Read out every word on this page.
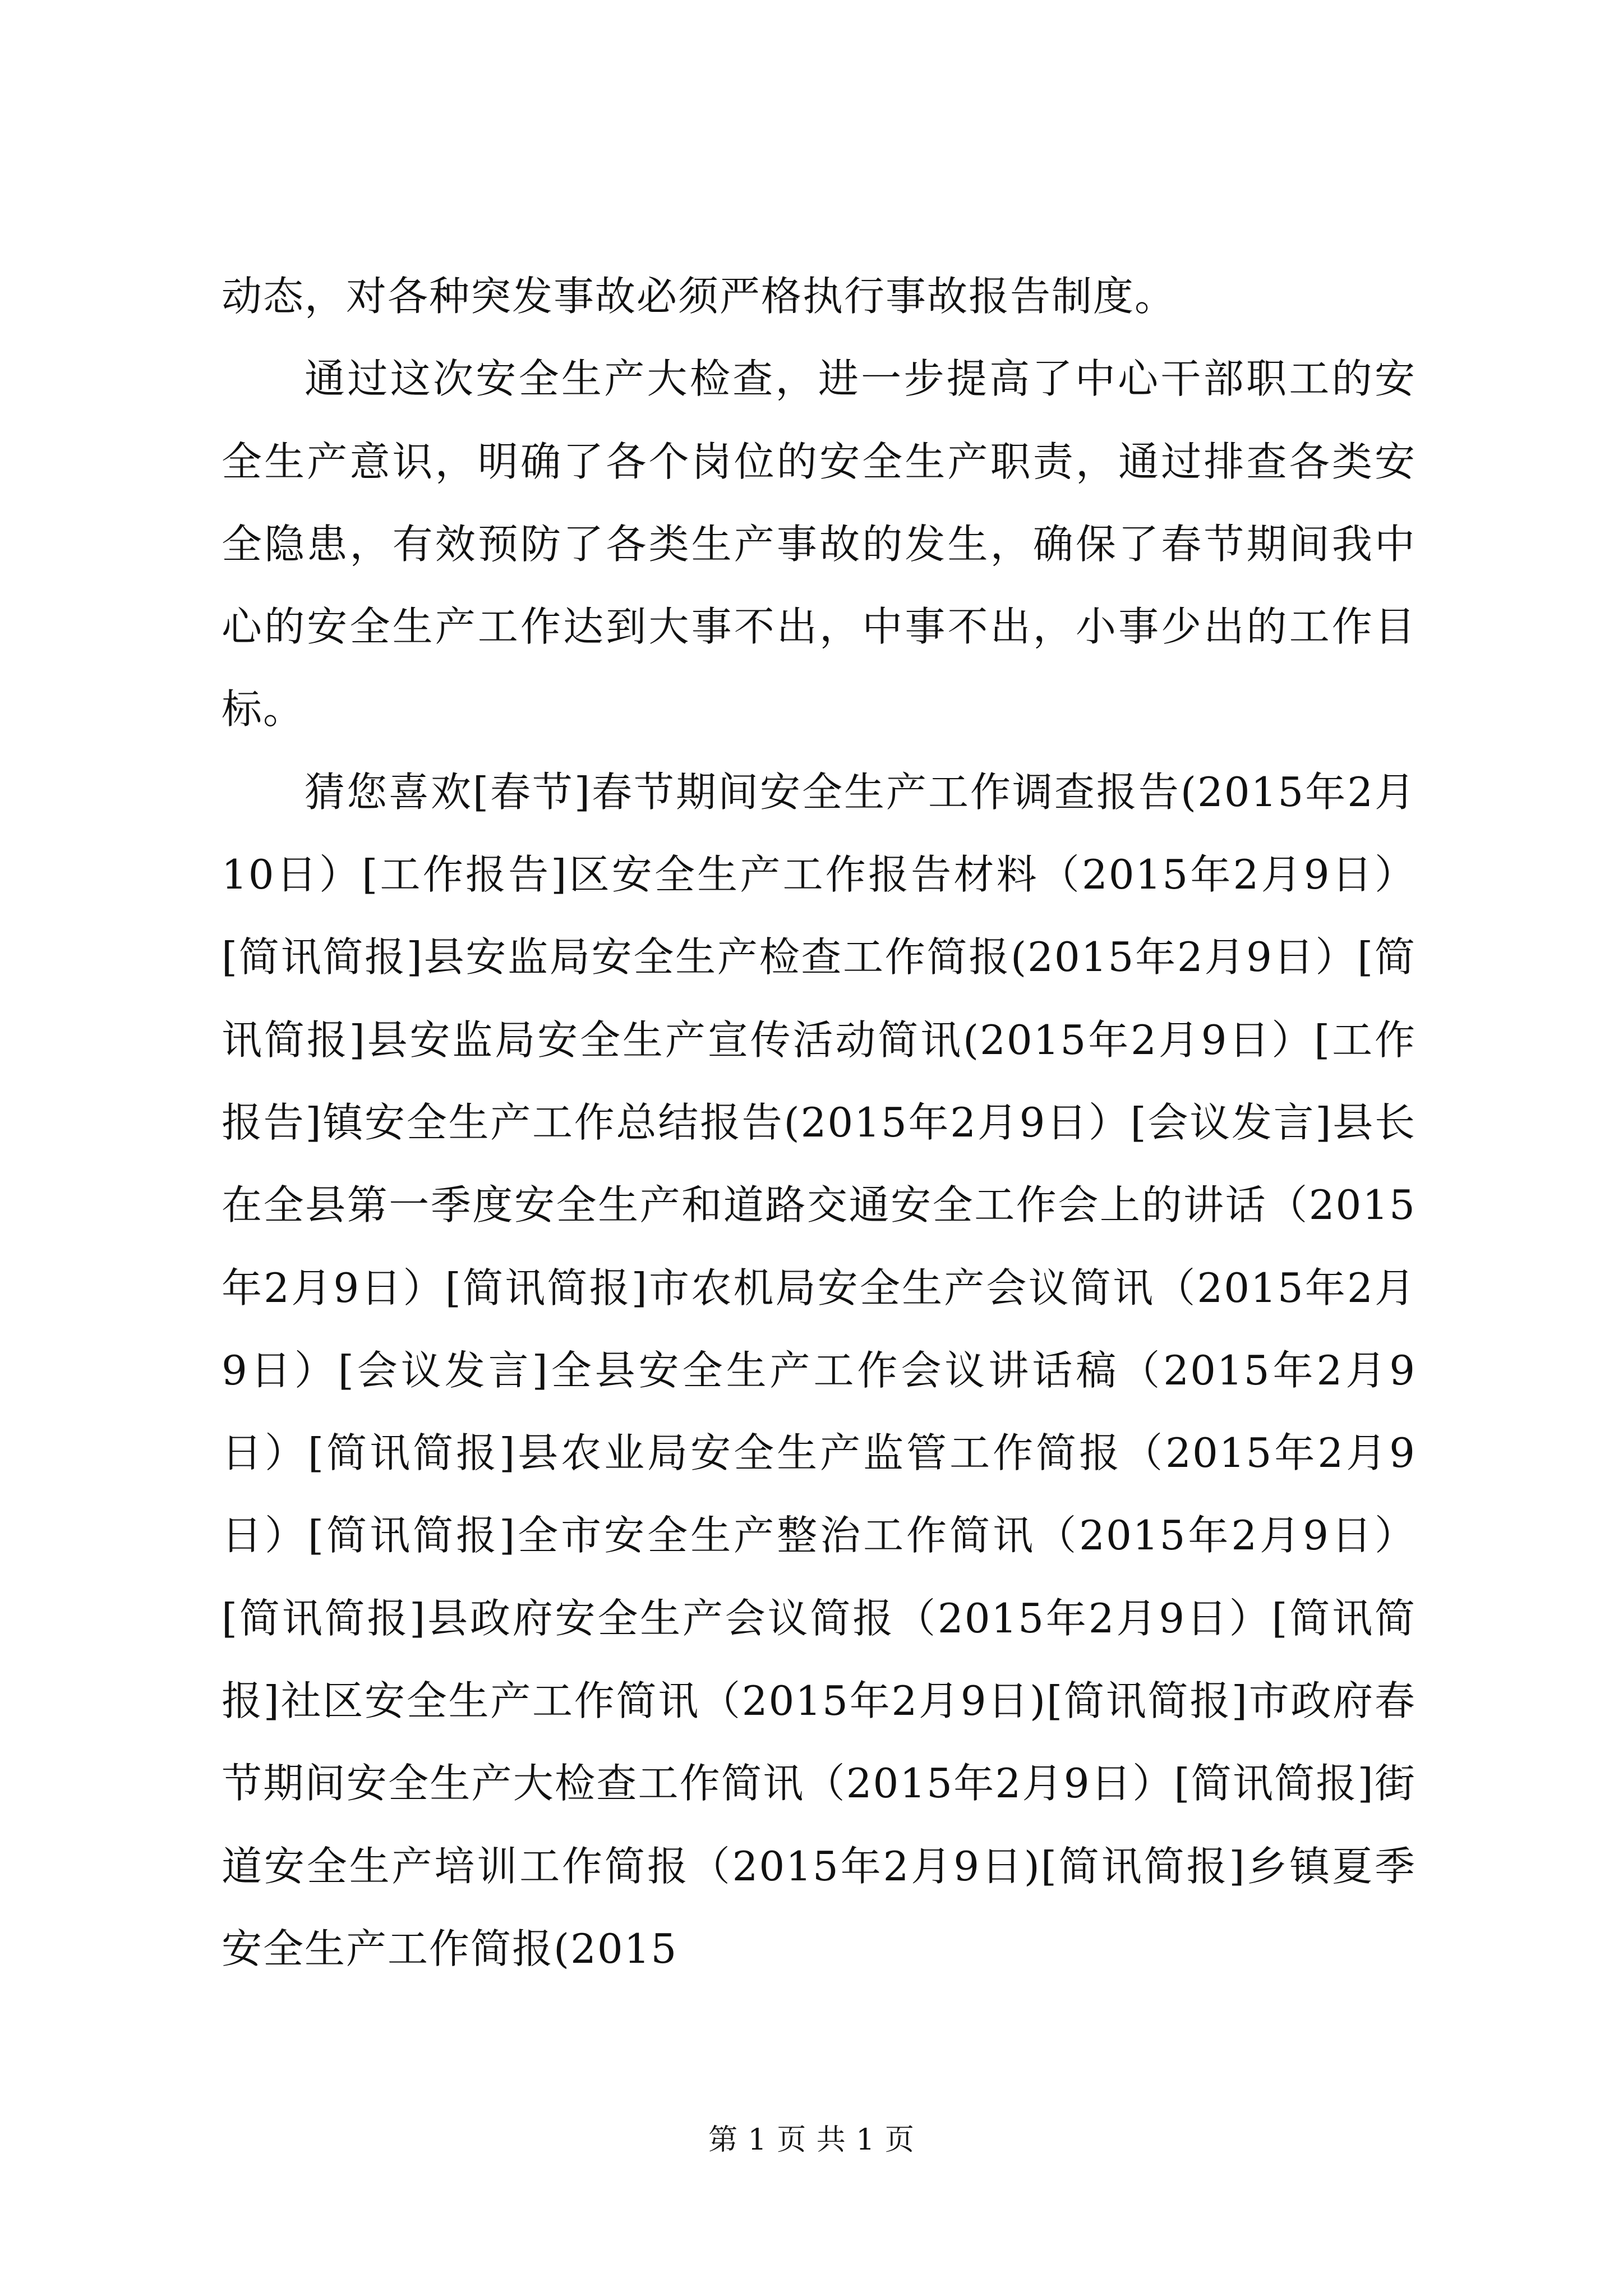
动态，对各种突发事故必须严格执行事故报告制度。

通过这次安全生产大检查，进一步提高了中心干部职工的安全生产意识，明确了各个岗位的安全生产职责，通过排查各类安全隐患，有效预防了各类生产事故的发生，确保了春节期间我中心的安全生产工作达到大事不出，中事不出，小事少出的工作目标。

猜您喜欢[春节]春节期间安全生产工作调查报告(2015年2月10日）[工作报告]区安全生产工作报告材料（2015年2月9日）[简讯简报]县安监局安全生产检查工作简报(2015年2月9日）[简讯简报]县安监局安全生产宣传活动简讯(2015年2月9日）[工作报告]镇安全生产工作总结报告(2015年2月9日）[会议发言]县长在全县第一季度安全生产和道路交通安全工作会上的讲话（2015年2月9日）[简讯简报]市农机局安全生产会议简讯（2015年2月9日）[会议发言]全县安全生产工作会议讲话稿（2015年2月9日）[简讯简报]县农业局安全生产监管工作简报（2015年2月9日）[简讯简报]全市安全生产整治工作简讯（2015年2月9日）[简讯简报]县政府安全生产会议简报（2015年2月9日）[简讯简报]社区安全生产工作简讯（2015年2月9日)[简讯简报]市政府春节期间安全生产大检查工作简讯（2015年2月9日）[简讯简报]街道安全生产培训工作简报（2015年2月9日)[简讯简报]乡镇夏季安全生产工作简报(2015

第 1 页 共 1 页
